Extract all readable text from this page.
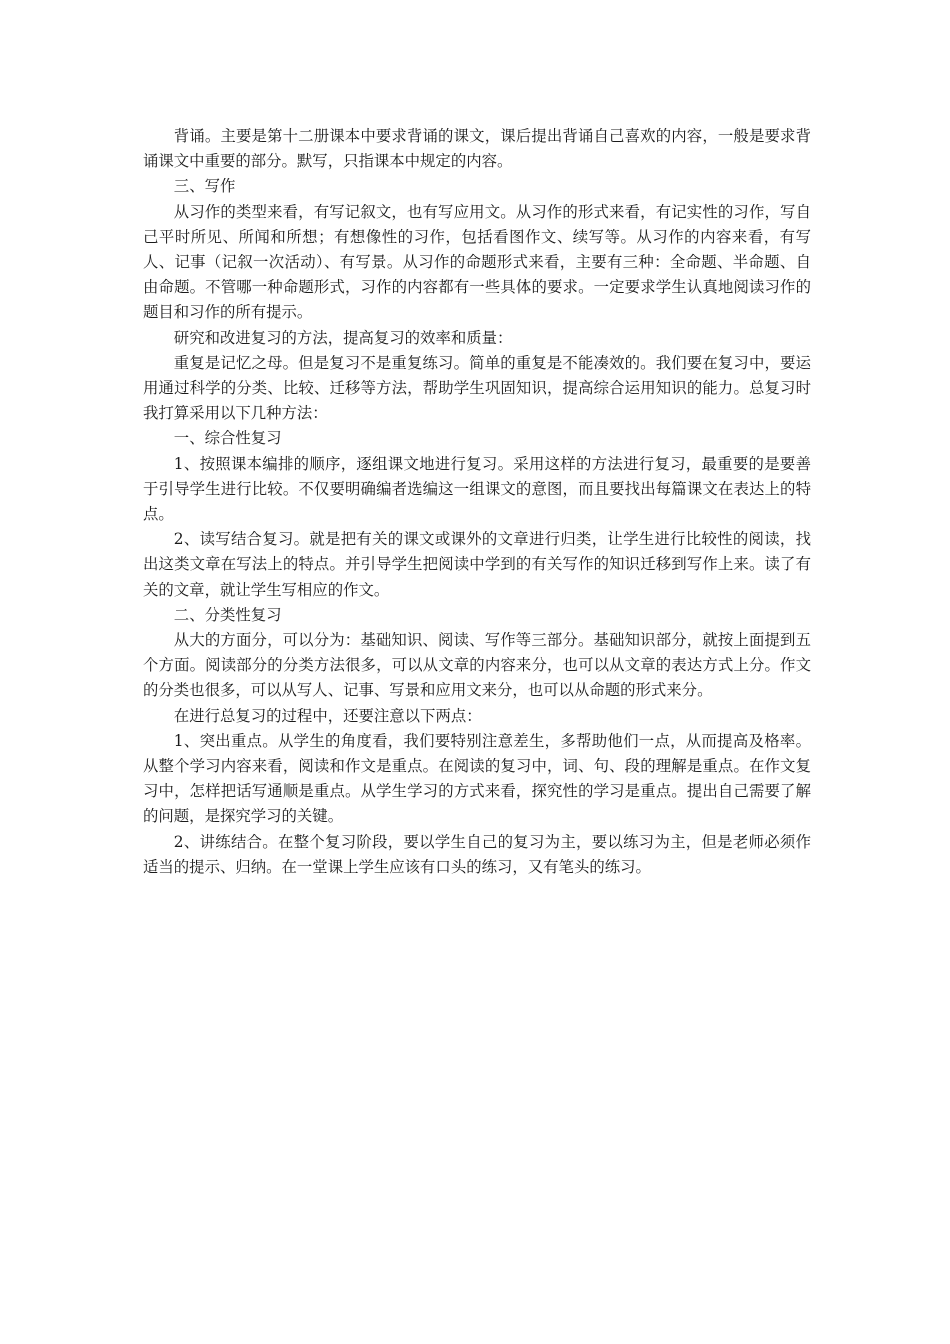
背诵。主要是第十二册课本中要求背诵的课文，课后提出背诵自己喜欢的内容，一般是要求背诵课文中重要的部分。默写，只指课本中规定的内容。

三、写作

从习作的类型来看，有写记叙文，也有写应用文。从习作的形式来看，有记实性的习作，写自己平时所见、所闻和所想；有想像性的习作，包括看图作文、续写等。从习作的内容来看，有写人、记事（记叙一次活动）、有写景。从习作的命题形式来看，主要有三种：全命题、半命题、自由命题。不管哪一种命题形式，习作的内容都有一些具体的要求。一定要求学生认真地阅读习作的题目和习作的所有提示。

研究和改进复习的方法，提高复习的效率和质量：

重复是记忆之母。但是复习不是重复练习。简单的重复是不能凑效的。我们要在复习中，要运用通过科学的分类、比较、迁移等方法，帮助学生巩固知识，提高综合运用知识的能力。总复习时我打算采用以下几种方法：

一、综合性复习

1、按照课本编排的顺序，逐组课文地进行复习。采用这样的方法进行复习，最重要的是要善于引导学生进行比较。不仅要明确编者选编这一组课文的意图，而且要找出每篇课文在表达上的特点。

2、读写结合复习。就是把有关的课文或课外的文章进行归类，让学生进行比较性的阅读，找出这类文章在写法上的特点。并引导学生把阅读中学到的有关写作的知识迁移到写作上来。读了有关的文章，就让学生写相应的作文。

二、分类性复习

从大的方面分，可以分为：基础知识、阅读、写作等三部分。基础知识部分，就按上面提到五个方面。阅读部分的分类方法很多，可以从文章的内容来分，也可以从文章的表达方式上分。作文的分类也很多，可以从写人、记事、写景和应用文来分，也可以从命题的形式来分。

在进行总复习的过程中，还要注意以下两点：

1、突出重点。从学生的角度看，我们要特别注意差生，多帮助他们一点，从而提高及格率。从整个学习内容来看，阅读和作文是重点。在阅读的复习中，词、句、段的理解是重点。在作文复习中，怎样把话写通顺是重点。从学生学习的方式来看，探究性的学习是重点。提出自己需要了解的问题，是探究学习的关键。

2、讲练结合。在整个复习阶段，要以学生自己的复习为主，要以练习为主，但是老师必须作适当的提示、归纳。在一堂课上学生应该有口头的练习，又有笔头的练习。
